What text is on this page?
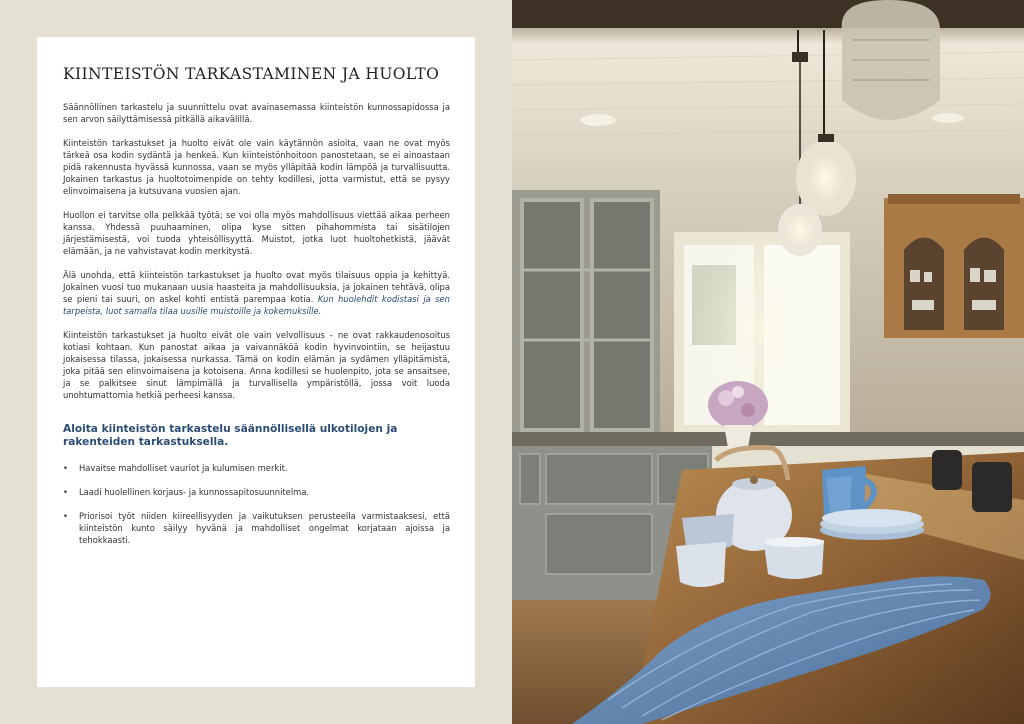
KIINTEISTÖN TARKASTAMINEN JA HUOLTO

Säännöllinen tarkastelu ja suunnittelu ovat avainasemassa kiinteistön kunnossapidossa ja sen arvon säilyttämisessä pitkällä aikavälillä.

Kiinteistön tarkastukset ja huolto eivät ole vain käytännön asioita, vaan ne ovat myös tärkeä osa kodin sydäntä ja henkeä. Kun kiinteistönhoitoon panostetaan, se ei ainoastaan pidä rakennusta hyvässä kunnossa, vaan se myös ylläpitää kodin lämpöä ja turvallisuutta. Jokainen tarkastus ja huoltotoimenpide on tehty kodillesi, jotta varmistut, että se pysyy elinvoimaisena ja kutsuvana vuosien ajan.

Huollon ei tarvitse olla pelkkää työtä; se voi olla myös mahdollisuus viettää aikaa perheen kanssa. Yhdessä puuhaaminen, olipa kyse sitten pihahommista tai sisätilojen järjestämisestä, voi tuoda yhteisöllisyyttä. Muistot, jotka luot huoltohetkistä, jäävät elämään, ja ne vahvistavat kodin merkitystä.

Älä unohda, että kiinteistön tarkastukset ja huolto ovat myös tilaisuus oppia ja kehittyä. Jokainen vuosi tuo mukanaan uusia haasteita ja mahdollisuuksia, ja jokainen tehtävä, olipa se pieni tai suuri, on askel kohti entistä parempaa kotia. Kun huolehdit kodistasi ja sen tarpeista, luot samalla tilaa uusille muistoille ja kokemuksille.

Kiinteistön tarkastukset ja huolto eivät ole vain velvollisuus – ne ovat rakkaudenosoitus kotiasi kohtaan. Kun panostat aikaa ja vaivannäköä kodin hyvinvointiin, se heijastuu jokaisessa tilassa, jokaisessa nurkassa. Tämä on kodin elämän ja sydämen ylläpitämistä, joka pitää sen elinvoimaisena ja kotoisena. Anna kodillesi se huolenpito, jota se ansaitsee, ja se palkitsee sinut lämpimällä ja turvallisella ympäristöllä, jossa voit luoda unohtumattomia hetkiä perheesi kanssa.

Aloita kiinteistön tarkastelu säännöllisellä ulkotilojen ja rakenteiden tarkastuksella.
• Havaitse mahdolliset vauriot ja kulumisen merkit.
• Laadi huolellinen korjaus- ja kunnossapitosuunnitelma.
• Priorisoi työt niiden kiireellisyyden ja vaikutuksen perusteella varmistaaksesi, että kiinteistön kunto säilyy hyvänä ja mahdolliset ongelmat korjataan ajoissa ja tehokkaasti.
